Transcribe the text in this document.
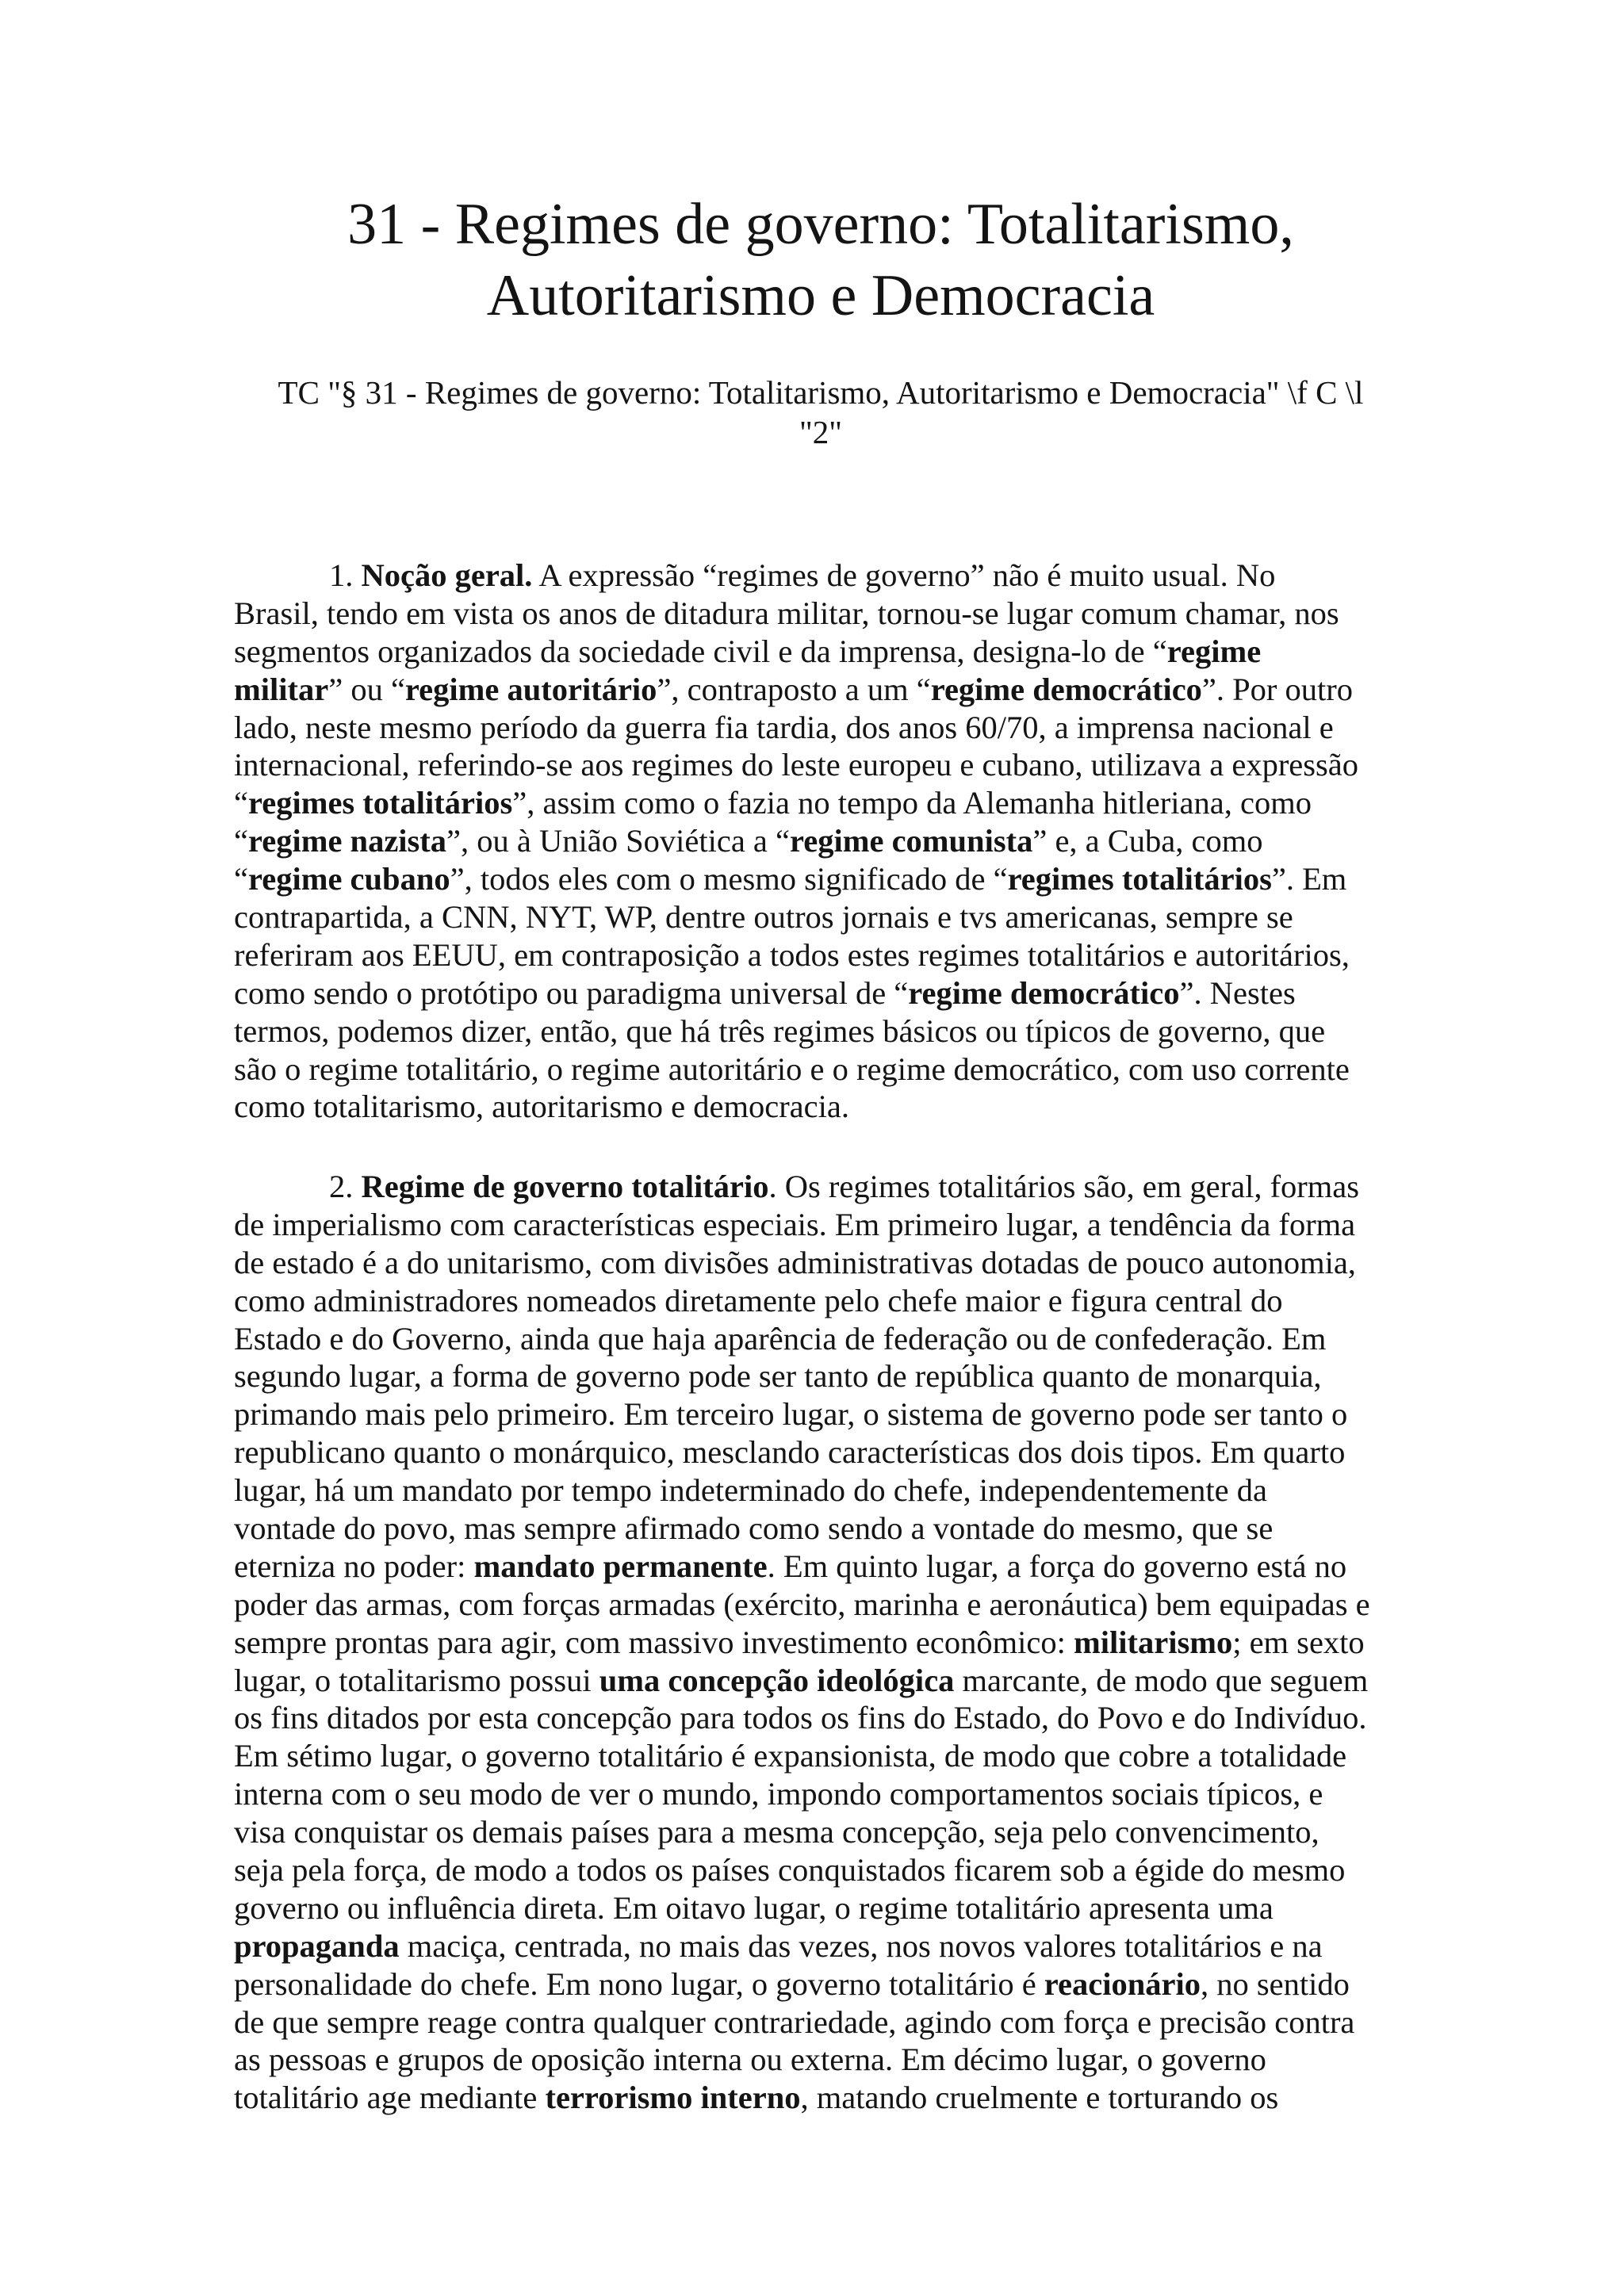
31 - Regimes de governo: Totalitarismo,
Autoritarismo e Democracia

TC "§ 31 - Regimes de governo: Totalitarismo, Autoritarismo e Democracia" \f C \l
"2"

1. Noção geral. A expressão “regimes de governo” não é muito usual. No
Brasil, tendo em vista os anos de ditadura militar, tornou-se lugar comum chamar, nos
segmentos organizados da sociedade civil e da imprensa, designa-lo de “regime
militar” ou “regime autoritário”, contraposto a um “regime democrático”. Por outro
lado, neste mesmo período da guerra fia tardia, dos anos 60/70, a imprensa nacional e
internacional, referindo-se aos regimes do leste europeu e cubano, utilizava a expressão
“regimes totalitários”, assim como o fazia no tempo da Alemanha hitleriana, como
“regime nazista”, ou à União Soviética a “regime comunista” e, a Cuba, como
“regime cubano”, todos eles com o mesmo significado de “regimes totalitários”. Em
contrapartida, a CNN, NYT, WP, dentre outros jornais e tvs americanas, sempre se
referiram aos EEUU, em contraposição a todos estes regimes totalitários e autoritários,
como sendo o protótipo ou paradigma universal de “regime democrático”. Nestes
termos, podemos dizer, então, que há três regimes básicos ou típicos de governo, que
são o regime totalitário, o regime autoritário e o regime democrático, com uso corrente
como totalitarismo, autoritarismo e democracia.

2. Regime de governo totalitário. Os regimes totalitários são, em geral, formas
de imperialismo com características especiais. Em primeiro lugar, a tendência da forma
de estado é a do unitarismo, com divisões administrativas dotadas de pouco autonomia,
como administradores nomeados diretamente pelo chefe maior e figura central do
Estado e do Governo, ainda que haja aparência de federação ou de confederação. Em
segundo lugar, a forma de governo pode ser tanto de república quanto de monarquia,
primando mais pelo primeiro. Em terceiro lugar, o sistema de governo pode ser tanto o
republicano quanto o monárquico, mesclando características dos dois tipos. Em quarto
lugar, há um mandato por tempo indeterminado do chefe, independentemente da
vontade do povo, mas sempre afirmado como sendo a vontade do mesmo, que se
eterniza no poder: mandato permanente. Em quinto lugar, a força do governo está no
poder das armas, com forças armadas (exército, marinha e aeronáutica) bem equipadas e
sempre prontas para agir, com massivo investimento econômico: militarismo; em sexto
lugar, o totalitarismo possui uma concepção ideológica marcante, de modo que seguem
os fins ditados por esta concepção para todos os fins do Estado, do Povo e do Indivíduo.
Em sétimo lugar, o governo totalitário é expansionista, de modo que cobre a totalidade
interna com o seu modo de ver o mundo, impondo comportamentos sociais típicos, e
visa conquistar os demais países para a mesma concepção, seja pelo convencimento,
seja pela força, de modo a todos os países conquistados ficarem sob a égide do mesmo
governo ou influência direta. Em oitavo lugar, o regime totalitário apresenta uma
propaganda maciça, centrada, no mais das vezes, nos novos valores totalitários e na
personalidade do chefe. Em nono lugar, o governo totalitário é reacionário, no sentido
de que sempre reage contra qualquer contrariedade, agindo com força e precisão contra
as pessoas e grupos de oposição interna ou externa. Em décimo lugar, o governo
totalitário age mediante terrorismo interno, matando cruelmente e torturando os
